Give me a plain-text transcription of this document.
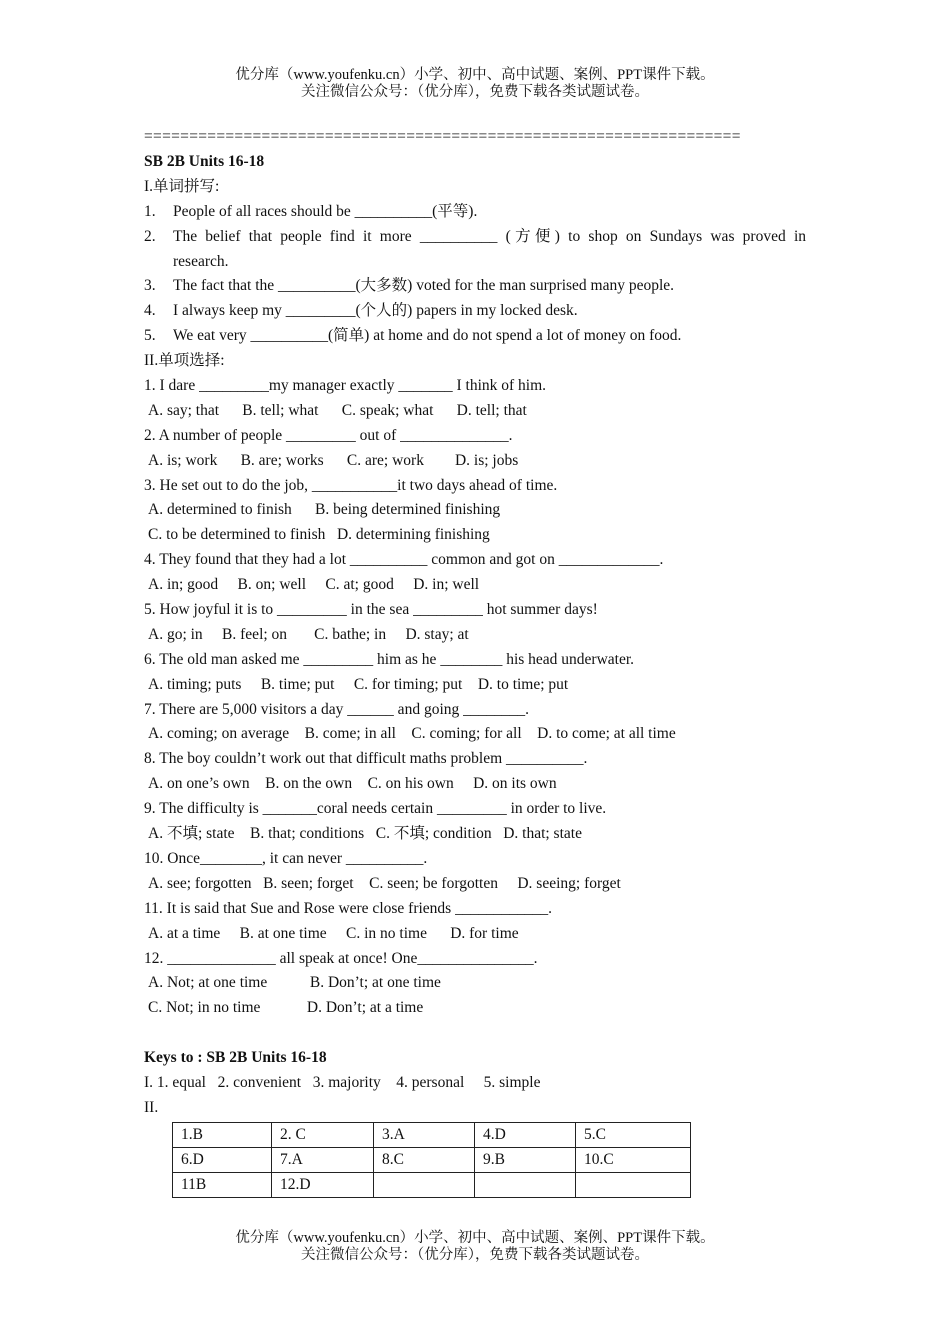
优分库（www.youfenku.cn）小学、初中、高中试题、案例、PPT课件下载。
关注微信公众号：（优分库），免费下载各类试题试卷。
==================================================================
SB 2B Units 16-18
I.单词拼写:
1.	People of all races should be __________(平等).
2.	The belief that people find it more __________ (方便) to shop on Sundays was proved in
research.
3.	The fact that the __________(大多数) voted for the man surprised many people.
4.	I always keep my _________(个人的) papers in my locked desk.
5.	We eat very __________(简单) at home and do not spend a lot of money on food.
II.单项选择:
1. I dare _________my manager exactly _______ I think of him.
A. say; that      B. tell; what      C. speak; what      D. tell; that
2. A number of people _________ out of ______________.
A. is; work      B. are; works      C. are; work        D. is; jobs
3. He set out to do the job, ___________it two days ahead of time.
A. determined to finish      B. being determined finishing
C. to be determined to finish   D. determining finishing
4. They found that they had a lot __________ common and got on _____________.
A. in; good     B. on; well     C. at; good     D. in; well
5. How joyful it is to _________ in the sea _________ hot summer days!
A. go; in     B. feel; on       C. bathe; in     D. stay; at
6. The old man asked me _________ him as he ________ his head underwater.
A. timing; puts     B. time; put     C. for timing; put    D. to time; put
7. There are 5,000 visitors a day ______ and going ________.
A. coming; on average    B. come; in all    C. coming; for all    D. to come; at all time
8. The boy couldn’t work out that difficult maths problem __________.
A. on one’s own    B. on the own    C. on his own     D. on its own
9. The difficulty is _______coral needs certain _________ in order to live.
A. 不填; state    B. that; conditions   C. 不填; condition   D. that; state
10. Once________, it can never __________.
A. see; forgotten   B. seen; forget    C. seen; be forgotten     D. seeing; forget
11. It is said that Sue and Rose were close friends ____________.
A. at a time     B. at one time     C. in no time      D. for time
12. ______________ all speak at once! One_______________.
A. Not; at one time           B. Don’t; at one time
C. Not; in no time            D. Don’t; at a time
Keys to : SB 2B Units 16-18
I. 1. equal   2. convenient   3. majority    4. personal     5. simple
II.
1.B	2. C	3.A	4.D	5.C
6.D	7.A	8.C	9.B	10.C
11B	12.D			
优分库（www.youfenku.cn）小学、初中、高中试题、案例、PPT课件下载。
关注微信公众号：（优分库），免费下载各类试题试卷。
